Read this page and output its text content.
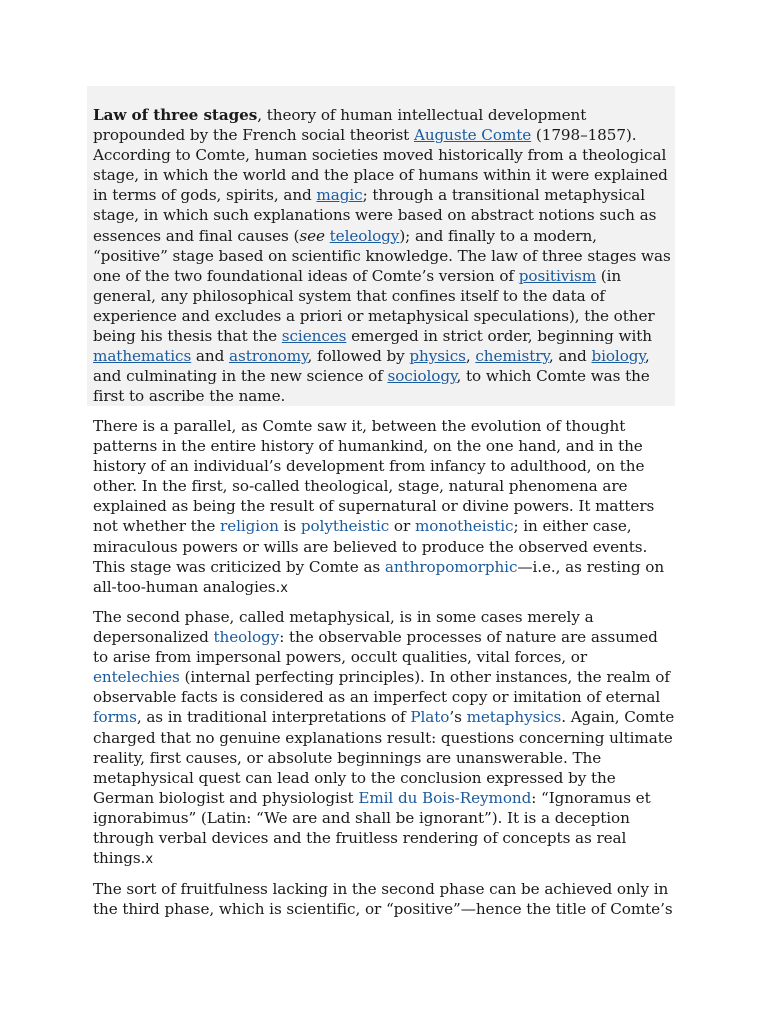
Law of three stages, theory of human intellectual development propounded by the French social theorist Auguste Comte (1798–1857). According to Comte, human societies moved historically from a theological stage, in which the world and the place of humans within it were explained in terms of gods, spirits, and magic; through a transitional metaphysical stage, in which such explanations were based on abstract notions such as essences and final causes (see teleology); and finally to a modern, “positive” stage based on scientific knowledge. The law of three stages was one of the two foundational ideas of Comte’s version of positivism (in general, any philosophical system that confines itself to the data of experience and excludes a priori or metaphysical speculations), the other being his thesis that the sciences emerged in strict order, beginning with mathematics and astronomy, followed by physics, chemistry, and biology, and culminating in the new science of sociology, to which Comte was the first to ascribe the name.

There is a parallel, as Comte saw it, between the evolution of thought patterns in the entire history of humankind, on the one hand, and in the history of an individual’s development from infancy to adulthood, on the other. In the first, so-called theological, stage, natural phenomena are explained as being the result of supernatural or divine powers. It matters not whether the religion is polytheistic or monotheistic; in either case, miraculous powers or wills are believed to produce the observed events. This stage was criticized by Comte as anthropomorphic—i.e., as resting on all-too-human analogies.x

The second phase, called metaphysical, is in some cases merely a depersonalized theology: the observable processes of nature are assumed to arise from impersonal powers, occult qualities, vital forces, or entelechies (internal perfecting principles). In other instances, the realm of observable facts is considered as an imperfect copy or imitation of eternal forms, as in traditional interpretations of Plato’s metaphysics. Again, Comte charged that no genuine explanations result: questions concerning ultimate reality, first causes, or absolute beginnings are unanswerable. The metaphysical quest can lead only to the conclusion expressed by the German biologist and physiologist Emil du Bois-Reymond: “Ignoramus et ignorabimus” (Latin: “We are and shall be ignorant”). It is a deception through verbal devices and the fruitless rendering of concepts as real things.x

The sort of fruitfulness lacking in the second phase can be achieved only in the third phase, which is scientific, or “positive”—hence the title of Comte’s
